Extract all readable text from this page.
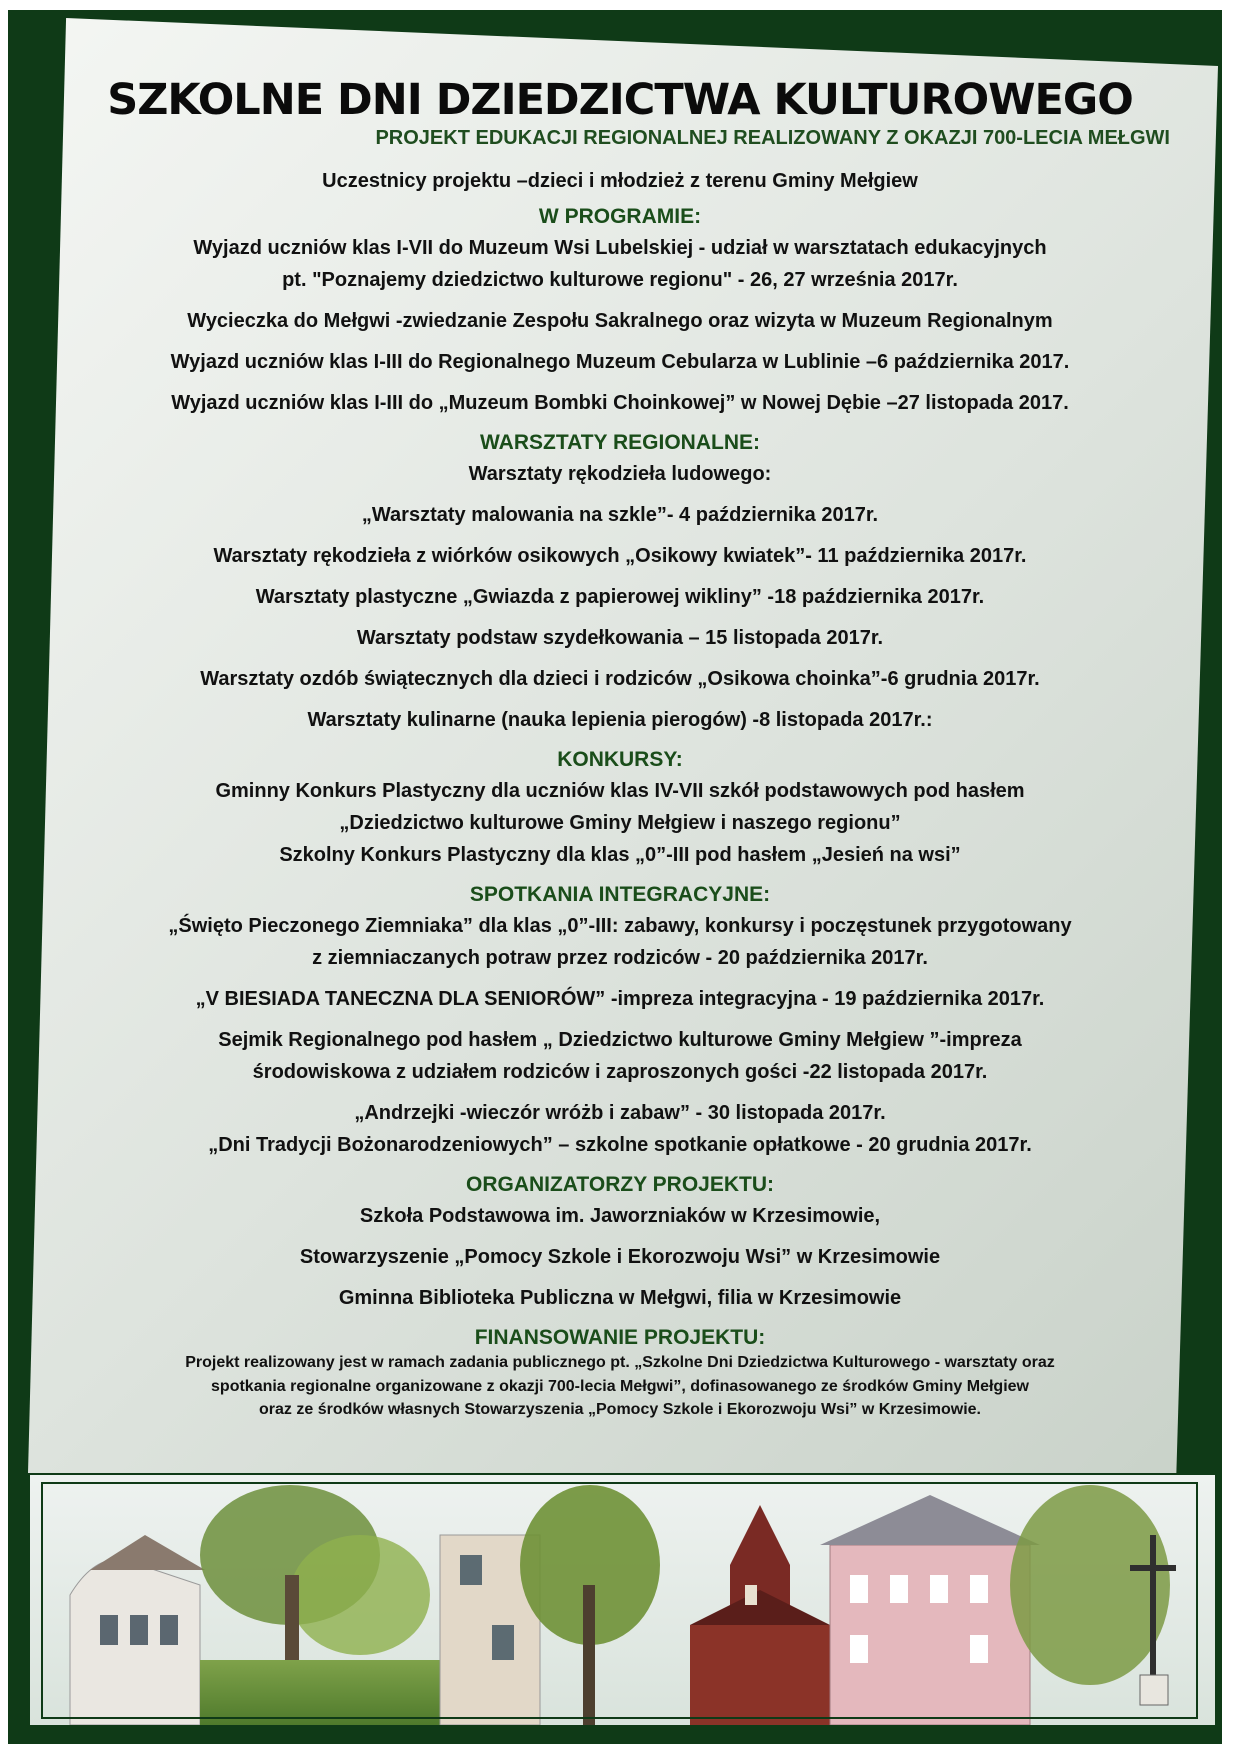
SZKOLNE DNI DZIEDZICTWA KULTUROWEGO
PROJEKT EDUKACJI REGIONALNEJ REALIZOWANY Z OKAZJI 700-LECIA MEŁGWI
Uczestnicy projektu –dzieci i młodzież z terenu Gminy Mełgiew
W PROGRAMIE:
Wyjazd uczniów klas I-VII do Muzeum Wsi Lubelskiej - udział w warsztatach edukacyjnych
pt. "Poznajemy dziedzictwo kulturowe regionu" - 26, 27 września 2017r.
Wycieczka do Mełgwi -zwiedzanie Zespołu Sakralnego oraz wizyta w Muzeum Regionalnym
Wyjazd uczniów klas I-III do Regionalnego Muzeum Cebularza w Lublinie –6 października 2017.
Wyjazd uczniów klas I-III do „Muzeum Bombki Choinkowej” w Nowej Dębie –27 listopada 2017.
WARSZTATY REGIONALNE:
Warsztaty rękodzieła ludowego:
„Warsztaty malowania na szkle”- 4 października 2017r.
Warsztaty rękodzieła z wiórków osikowych „Osikowy kwiatek”- 11 października 2017r.
Warsztaty plastyczne „Gwiazda z papierowej wikliny” -18 października 2017r.
Warsztaty podstaw szydełkowania – 15 listopada 2017r.
Warsztaty ozdób świątecznych dla dzieci i rodziców „Osikowa choinka”-6 grudnia 2017r.
Warsztaty kulinarne (nauka lepienia pierogów) -8 listopada 2017r.:
KONKURSY:
Gminny Konkurs Plastyczny dla uczniów klas IV-VII szkół podstawowych pod hasłem
„Dziedzictwo kulturowe Gminy Mełgiew i naszego regionu”
Szkolny Konkurs Plastyczny dla klas „0”-III pod hasłem „Jesień na wsi”
SPOTKANIA INTEGRACYJNE:
„Święto Pieczonego Ziemniaka” dla klas „0”-III: zabawy, konkursy i poczęstunek przygotowany
z ziemniaczanych potraw przez rodziców - 20 października 2017r.
„V BIESIADA TANECZNA DLA SENIORÓW” -impreza integracyjna - 19 października 2017r.
Sejmik Regionalnego pod hasłem „ Dziedzictwo kulturowe Gminy Mełgiew ”-impreza
środowiskowa z udziałem rodziców i zaproszonych gości -22 listopada 2017r.
„Andrzejki -wieczór wróżb i zabaw” - 30 listopada 2017r.
„Dni Tradycji Bożonarodzeniowych” – szkolne spotkanie opłatkowe - 20 grudnia 2017r.
ORGANIZATORZY PROJEKTU:
Szkoła Podstawowa im. Jaworzniaków w Krzesimowie,
Stowarzyszenie „Pomocy Szkole i Ekorozwoju Wsi” w Krzesimowie
Gminna Biblioteka Publiczna w Mełgwi, filia w Krzesimowie
FINANSOWANIE PROJEKTU:
Projekt realizowany jest w ramach zadania publicznego pt. „Szkolne Dni Dziedzictwa Kulturowego - warsztaty oraz
spotkania regionalne organizowane z okazji 700-lecia Mełgwi”, dofinasowanego ze środków Gminy Mełgiew
oraz ze środków własnych Stowarzyszenia „Pomocy Szkole i Ekorozwoju Wsi” w Krzesimowie.
